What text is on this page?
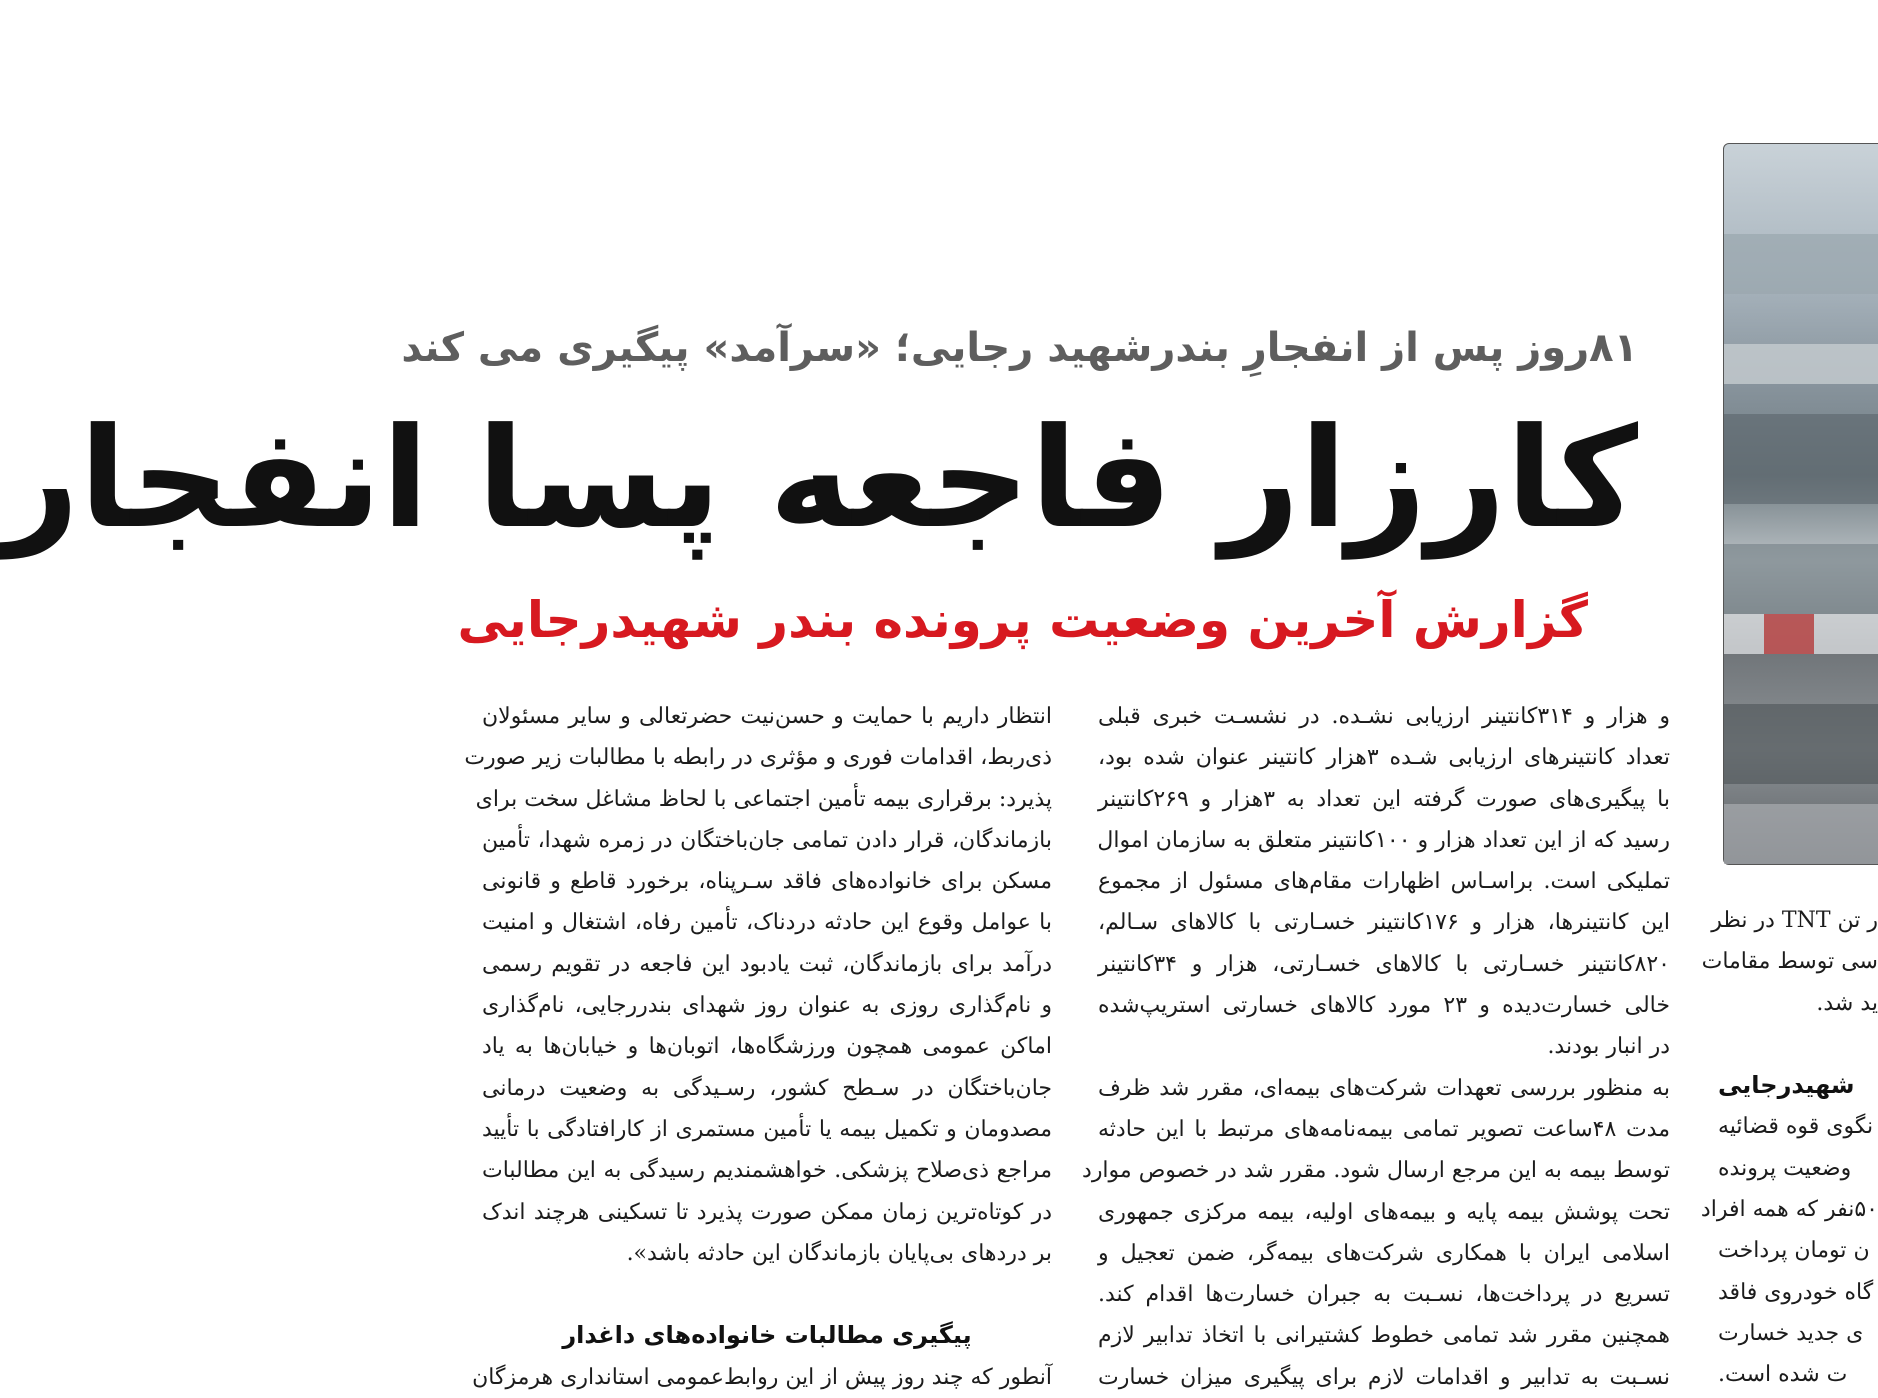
۸۱روز پس از انفجارِ بندرشهید رجایی؛ «سرآمد» پیگیری می کند
کارزار فاجعه پسا انفجار
گزارش آخرین وضعیت پرونده بندر شهیدرجایی
و هزار و ۳۱۴کانتینر ارزیابی نشـده. در نشسـت خبری قبلی
تعداد کانتینرهای ارزیابی شـده ۳هزار کانتینر عنوان شده بود،
با پیگیری‌های صورت گرفته این تعداد به ۳هزار و ۲۶۹کانتینر
رسید که از این تعداد هزار و ۱۰۰کانتینر متعلق به سازمان اموال
تملیکی است. براسـاس اظهارات مقام‌های مسئول از مجموع
این کانتینرها، هزار و ۱۷۶کانتینر خسـارتی با کالاهای سـالم،
۸۲۰کانتینر خسـارتی با کالاهای خسـارتی، هزار و ۳۴کانتینر
خالی خسارت‌دیده و ۲۳ مورد کالاهای خسارتی استریپ‌شده
در انبار بودند.
به منظور بررسی تعهدات شرکت‌های بیمه‌ای، مقرر شد ظرف
مدت ۴۸ساعت تصویر تمامی بیمه‌نامه‌های مرتبط با این حادثه
توسط بیمه به این مرجع ارسال شود. مقرر شد در خصوص موارد
تحت پوشش بیمه پایه و بیمه‌های اولیه، بیمه مرکزی جمهوری
اسلامی ایران با همکاری شرکت‌های بیمه‌گر، ضمن تعجیل و
تسریع در پرداخت‌ها، نسـبت به جبران خسارت‌ها اقدام کند.
همچنین مقرر شد تمامی خطوط کشتیرانی با اتخاذ تدابیر لازم
نسـبت به تدابیر و اقدامات لازم برای پیگیری میزان خسارت
انتظار داریم با حمایت و حسن‌نیت حضرتعالی و سایر مسئولان
ذی‌ربط، اقدامات فوری و مؤثری در رابطه با مطالبات زیر صورت
پذیرد: برقراری بیمه تأمین اجتماعی با لحاظ مشاغل سخت برای
بازماندگان، قرار دادن تمامی جان‌باختگان در زمره شهدا، تأمین
مسکن برای خانواده‌های فاقد سـرپناه، برخورد قاطع و قانونی
با عوامل وقوع این حادثه دردناک، تأمین رفاه، اشتغال و امنیت
درآمد برای بازماندگان، ثبت یادبود این فاجعه در تقویم رسمی
و نام‌گذاری روزی به عنوان روز شهدای بندررجایی، نام‌گذاری
اماکن عمومی همچون ورزشگاه‌ها، اتوبان‌ها و خیابان‌ها به یاد
جان‌باختگان در سـطح کشور، رسـیدگی به وضعیت درمانی
مصدومان و تکمیل بیمه یا تأمین مستمری از کارافتادگی با تأیید
مراجع ذی‌صلاح پزشکی. خواهشمندیم رسیدگی به این مطالبات
در کوتاه‌ترین زمان ممکن صورت پذیرد تا تسکینی هرچند اندک
بر دردهای بی‌پایان بازماندگان این حادثه باشد».
پیگیری مطالبات خانواده‌های داغدار
آنطور که چند روز پیش از این روابط‌عمومی استانداری هرمزگان
ر تن TNT در نظر
سی توسط مقامات
ید شد.
شهیدرجایی
نگوی قوه قضائیه
وضعیت پرونده
۵۰نفر که همه افراد
ن تومان پرداخت
گاه خودروی فاقد
ی جدید خسارت
ت شده است.
